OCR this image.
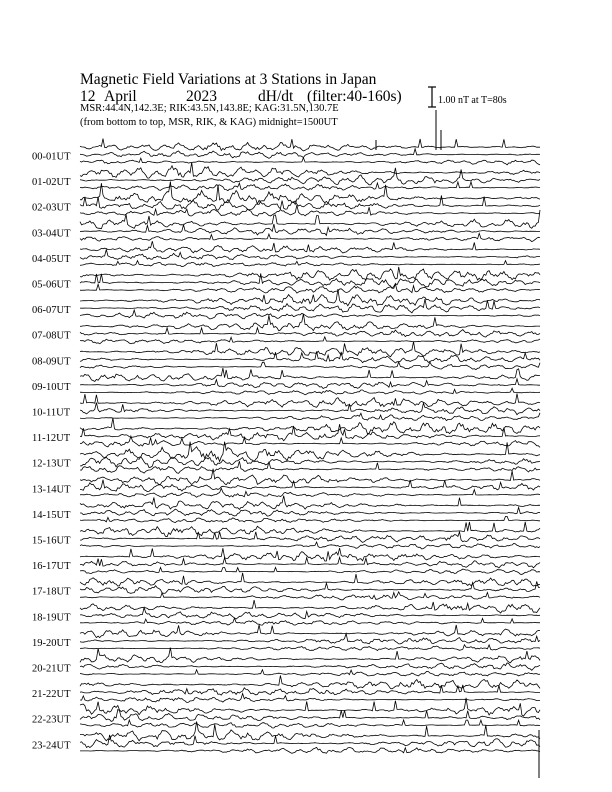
Magnetic Field Variations at 3 Stations in Japan
12 April	2023	dH/dt (filter:40-160s)
MSR:44.4N,142.3E; RIK:43.5N,143.8E; KAG:31.5N,130.7E
(from bottom to top, MSR, RIK, & KAG) midnight=1500UT
1.00 nT at T=80s
00-01UT
01-02UT
02-03UT
03-04UT
04-05UT
05-06UT
06-07UT
07-08UT
08-09UT
09-10UT
10-11UT
11-12UT
12-13UT
13-14UT
14-15UT
15-16UT
16-17UT
17-18UT
18-19UT
19-20UT
20-21UT
21-22UT
22-23UT
23-24UT
